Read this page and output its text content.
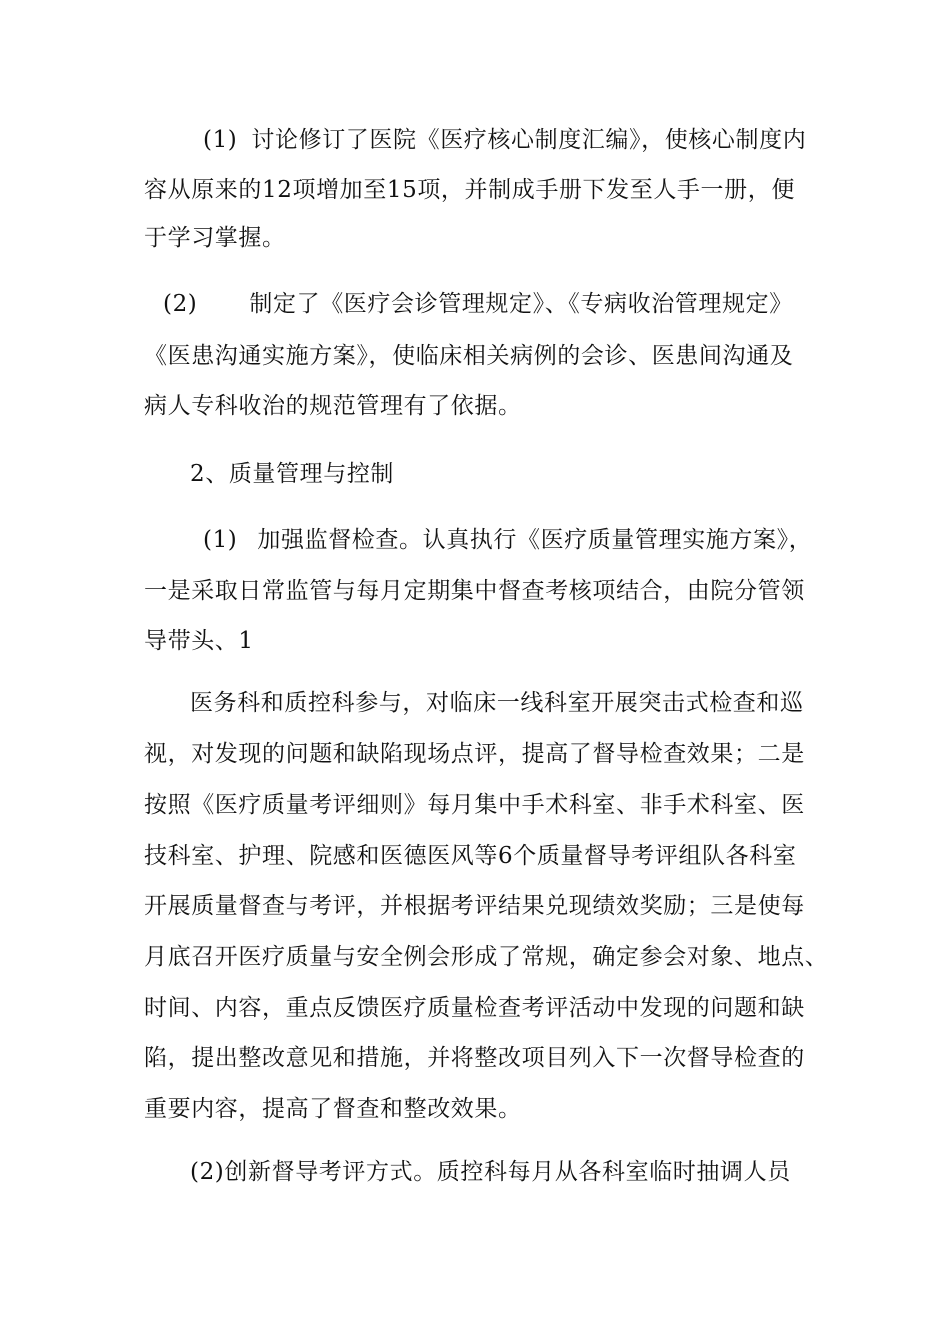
(1) 讨论修订了医院《医疗核心制度汇编》，使核心制度内
容从原来的12项增加至15项，并制成手册下发至人手一册，便
于学习掌握。
(2) 制定了《医疗会诊管理规定》、《专病收治管理规定》
《医患沟通实施方案》，使临床相关病例的会诊、医患间沟通及
病人专科收治的规范管理有了依据。
2、质量管理与控制
(1) 加强监督检查。认真执行《医疗质量管理实施方案》，
一是采取日常监管与每月定期集中督查考核项结合，由院分管领
导带头、1
医务科和质控科参与，对临床一线科室开展突击式检查和巡
视，对发现的问题和缺陷现场点评，提高了督导检查效果；二是
按照《医疗质量考评细则》每月集中手术科室、非手术科室、医
技科室、护理、院感和医德医风等6个质量督导考评组队各科室
开展质量督查与考评，并根据考评结果兑现绩效奖励；三是使每
月底召开医疗质量与安全例会形成了常规，确定参会对象、地点、
时间、内容，重点反馈医疗质量检查考评活动中发现的问题和缺
陷，提出整改意见和措施，并将整改项目列入下一次督导检查的
重要内容，提高了督查和整改效果。
(2)创新督导考评方式。质控科每月从各科室临时抽调人员
